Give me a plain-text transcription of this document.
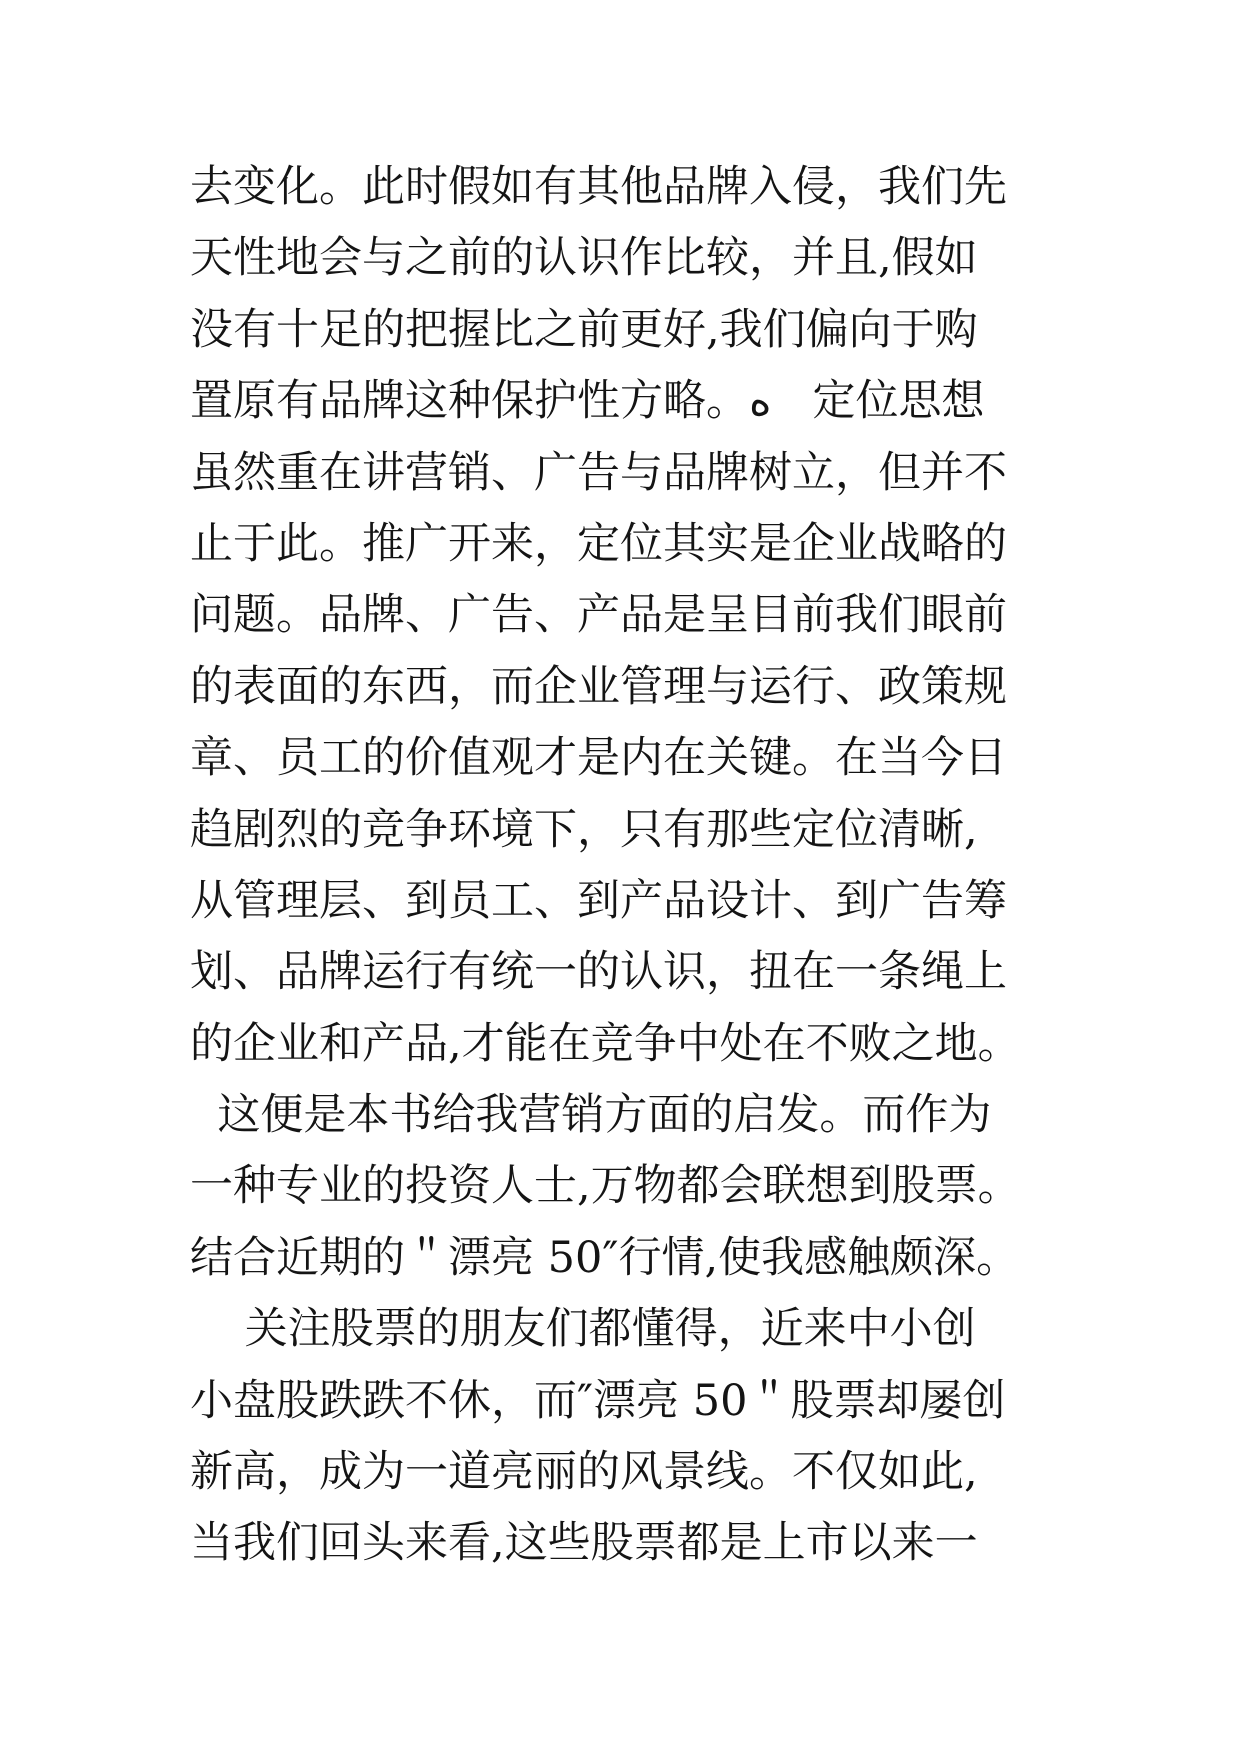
去变化。此时假如有其他品牌入侵，我们先
天性地会与之前的认识作比较，并且,假如
没有十足的把握比之前更好,我们偏向于购
置原有品牌这种保护性方略。ه   定位思想
虽然重在讲营销、广告与品牌树立，但并不
止于此。推广开来，定位其实是企业战略的
问题。品牌、广告、产品是呈目前我们眼前
的表面的东西，而企业管理与运行、政策规
章、员工的价值观才是内在关键。在当今日
趋剧烈的竞争环境下，只有那些定位清晰,
从管理层、到员工、到产品设计、到广告筹
划、品牌运行有统一的认识，扭在一条绳上
的企业和产品,才能在竞争中处在不败之地。
这便是本书给我营销方面的启发。而作为
一种专业的投资人士,万物都会联想到股票。
结合近期的＂漂亮 50″行情,使我感触颇深。
关注股票的朋友们都懂得，近来中小创
小盘股跌跌不休，而″漂亮 50＂股票却屡创
新高，成为一道亮丽的风景线。不仅如此,
当我们回头来看,这些股票都是上市以来一
